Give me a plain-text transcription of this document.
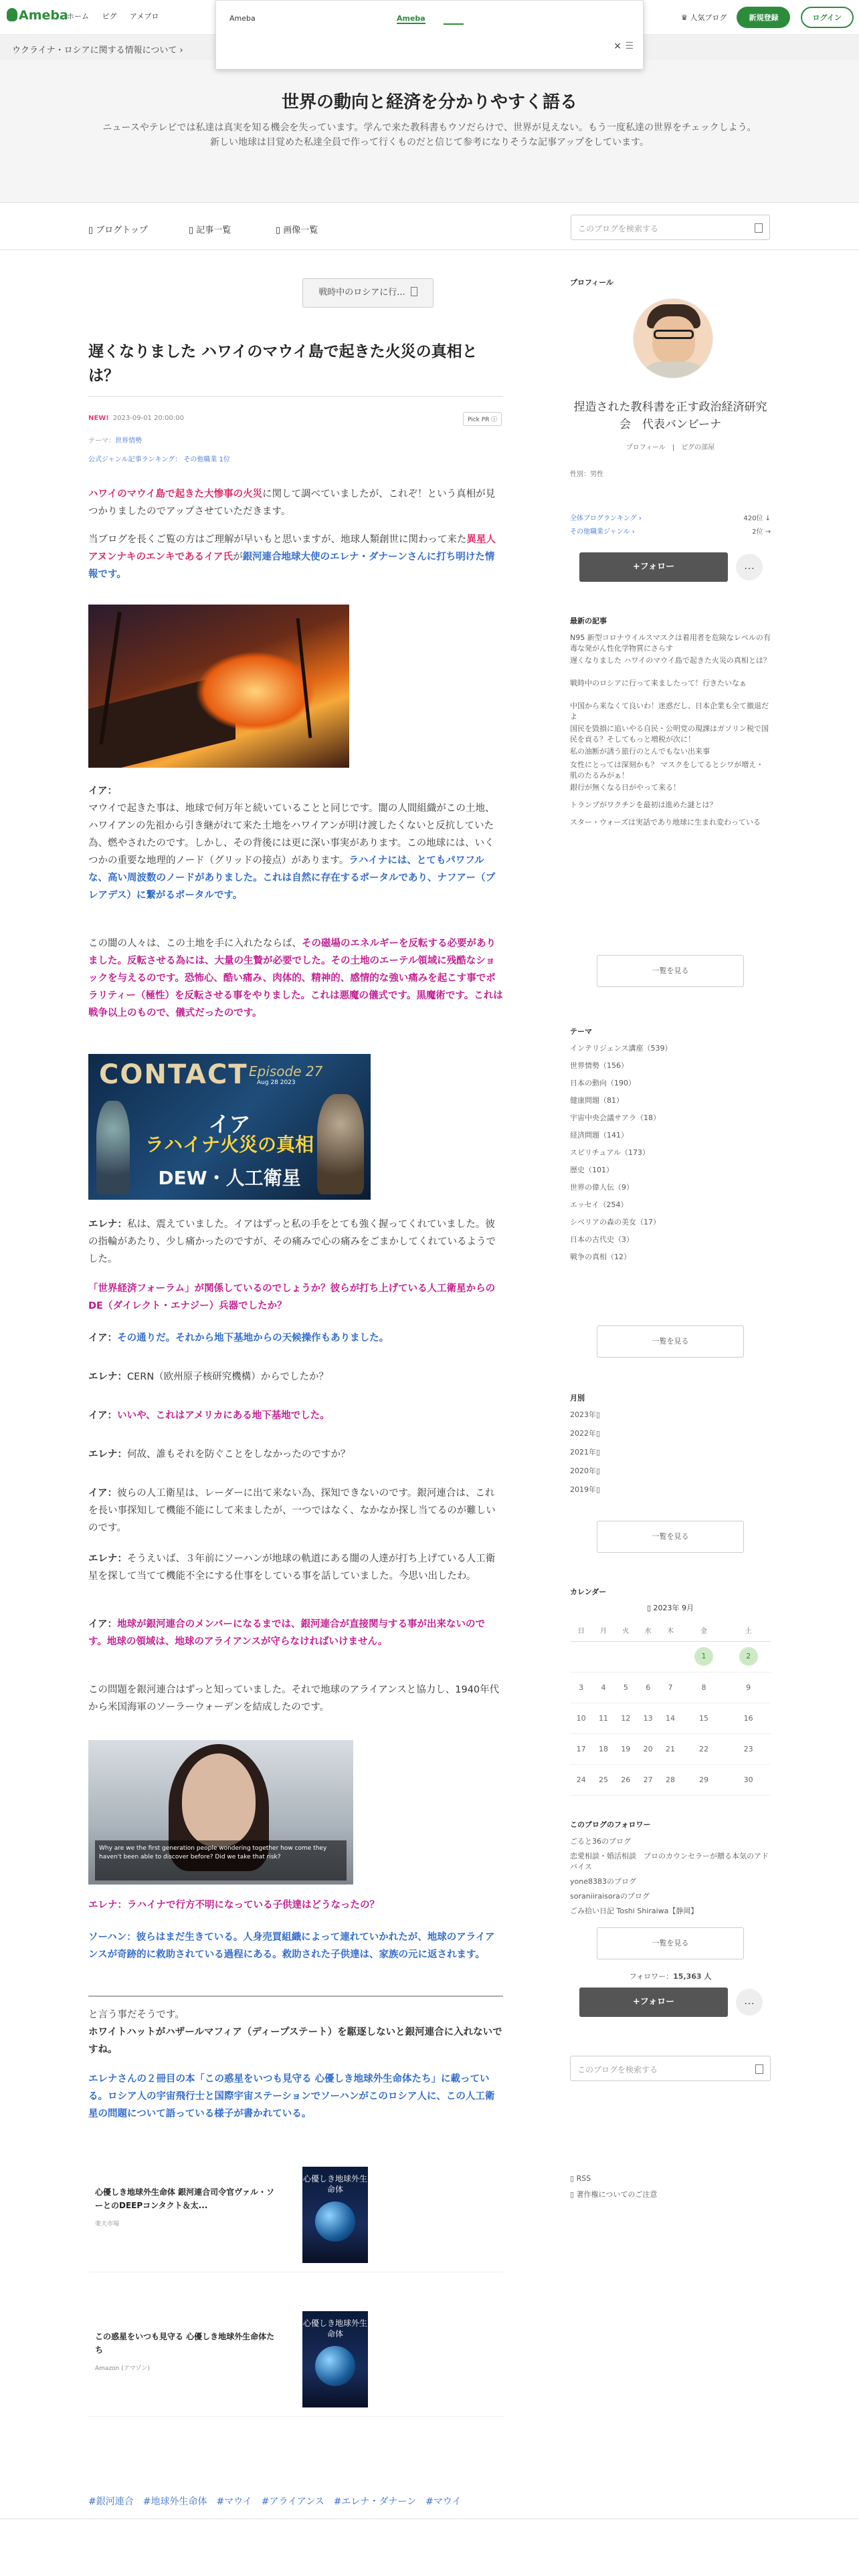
Ameba
ホーム ピグ アメブロ	♛ 人気ブログ	新規登録	ログイン
Ameba	Ameba
× ☰
ウクライナ・ロシアに関する情報について ›
世界の動向と経済を分かりやすく語る
ニュースやテレビでは私達は真実を知る機会を失っています。学んで来た教科書もウソだらけで、世界が見えない。もう一度私達の世界をチェックしよう。
新しい地球は目覚めた私達全員で作って行くものだと信じて参考になりそうな記事アップをしています。
▯ ブログトップ	▯ 記事一覧	▯ 画像一覧	このブログを検索する
戦時中のロシアに行...
遅くなりました ハワイのマウイ島で起きた火災の真相とは？
NEW! 2023-09-01 20:00:00	Pick PR ⓘ
テーマ：世界情勢
公式ジャンル記事ランキング： その他職業 1位

ハワイのマウイ島で起きた大惨事の火災に関して調べていましたが、これぞ！という真相が見つかりましたのでアップさせていただきます。

当ブログを長くご覧の方はご理解が早いもと思いますが、地球人類創世に関わって来た異星人アヌンナキのエンキであるイア氏が銀河連合地球大使のエレナ・ダナーンさんに打ち明けた情報です。

イア：
マウイで起きた事は、地球で何万年と続いていることと同じです。闇の人間組織がこの土地、ハワイアンの先祖から引き継がれて来た土地をハワイアンが明け渡したくないと反抗していた為、燃やされたのです。しかし、その背後には更に深い事実があります。この地球には、いくつかの重要な地理的ノード（グリッドの接点）があります。ラハイナには、とてもパワフルな、高い周波数のノードがありました。これは自然に存在するポータルであり、ナフアー（プレアデス）に繋がるポータルです。

この闇の人々は、この土地を手に入れたならば、その磁場のエネルギーを反転する必要がありました。反転させる為には、大量の生贄が必要でした。その土地のエーテル領域に残酷なショックを与えるのです。恐怖心、酷い痛み、肉体的、精神的、感情的な強い痛みを起こす事でポラリティー（極性）を反転させる事をやりました。これは悪魔の儀式です。黒魔術です。これは戦争以上のもので、儀式だったのです。

CONTACT Episode 27
Aug 28 2023
イア
ラハイナ火災の真相
DEW・人工衛星

エレナ：私は、震えていました。イアはずっと私の手をとても強く握ってくれていました。彼の指輪があたり、少し痛かったのですが、その痛みで心の痛みをごまかしてくれているようでした。

「世界経済フォーラム」が関係しているのでしょうか？彼らが打ち上げている人工衛星からのDE（ダイレクト・エナジー）兵器でしたか？

イア：その通りだ。それから地下基地からの天候操作もありました。

エレナ：CERN（欧州原子核研究機構）からでしたか？

イア：いいや、これはアメリカにある地下基地でした。

エレナ：何故、誰もそれを防ぐことをしなかったのですか？

イア：彼らの人工衛星は、レーダーに出て来ない為、探知できないのです。銀河連合は、これを長い事探知して機能不能にして来ましたが、一つではなく、なかなか探し当てるのが難しいのです。

エレナ：そうえいば、３年前にソーハンが地球の軌道にある闇の人達が打ち上げている人工衛星を探して当てて機能不全にする仕事をしている事を話していました。今思い出したわ。

イア：地球が銀河連合のメンバーになるまでは、銀河連合が直接関与する事が出来ないのです。地球の領域は、地球のアライアンスが守らなければいけません。

この問題を銀河連合はずっと知っていました。それで地球のアライアンスと協力し、1940年代から米国海軍のソーラーウォーデンを結成したのです。

Why are we the first generation people wondering together how come they haven't been able to discover before? Did we take that risk?

エレナ：ラハイナで行方不明になっている子供達はどうなったの？

ソーハン：彼らはまだ生きている。人身売買組織によって連れていかれたが、地球のアライアンスが奇跡的に救助されている過程にある。救助された子供達は、家族の元に返されます。

と言う事だそうです。
ホワイトハットがハザールマフィア（ディープステート）を駆逐しないと銀河連合に入れないですね。

エレナさんの２冊目の本「この惑星をいつも見守る 心優しき地球外生命体たち」に載っている。ロシア人の宇宙飛行士と国際宇宙ステーションでソーハンがこのロシア人に、この人工衛星の問題について語っている様子が書かれている。

心優しき地球外生命体 銀河連合司令官ヴァル・ソーとのDEEPコンタクト＆太...
楽天市場
心優しき地球外生命体
この惑星をいつも見守る 心優しき地球外生命体たち
Amazon (アマゾン)
心優しき地球外生命体
#銀河連合 #地球外生命体 #マウイ #アライアンス #エレナ・ダナーン #マウイ
プロフィール
捏造された教科書を正す政治経済研究会　代表バンビーナ
プロフィール　|　ピグの部屋
性別：男性
全体ブログランキング ›	420位 ↓
その他職業ジャンル ›	2位 →
+フォロー	…
最新の記事
N95 新型コロナウイルスマスクは着用者を危険なレベルの有毒な発がん性化学物質にさらす
遅くなりました ハワイのマウイ島で起きた火災の真相とは？
戦時中のロシアに行って来ましたって！行きたいなぁ
中国から来なくて良いわ！迷惑だし、日本企業も全て撤退だよ
国民を毀損に追いやる自民・公明党の現課はガソリン税で国民を貢る？そしてもっと増税が次に！
私の油断が誘う旅行のとんでもない出来事
女性にとっては深刻かも？ マスクをしてるとシワが増え・肌のたるみがぁ！
銀行が無くなる日がやって来る！
トランプがワクチンを最初は進めた謎とは？
スター・ウォーズは実話であり地球に生まれ変わっている
一覧を見る
テーマ
インテリジェンス講座（539）
世界情勢（156）
日本の動向（190）
健康問題（81）
宇宙中央会議サアラ（18）
経済問題（141）
スピリチュアル（173）
歴史（101）
世界の偉人伝（9）
エッセイ（254）
シベリアの森の美女（17）
日本の古代史（3）
戦争の真相（12）
一覧を見る
月別
2023年▯
2022年▯
2021年▯
2020年▯
2019年▯
一覧を見る
カレンダー
▯ 2023年 9月
日	月	火	水	木	金	土
					1	2
3	4	5	6	7	8	9
10	11	12	13	14	15	16
17	18	19	20	21	22	23
24	25	26	27	28	29	30
このブログのフォロワー
ごると36のブログ
恋愛相談・婚活相談　プロのカウンセラーが贈る本気のアドバイス
yone8383のブログ
soraniiraisoraのブログ
ごみ拾い日記 Toshi Shiraiwa【静岡】
一覧を見る
フォロワー：15,363 人
+フォロー	…
このブログを検索する
▯ RSS
▯ 著作権についてのご注意
